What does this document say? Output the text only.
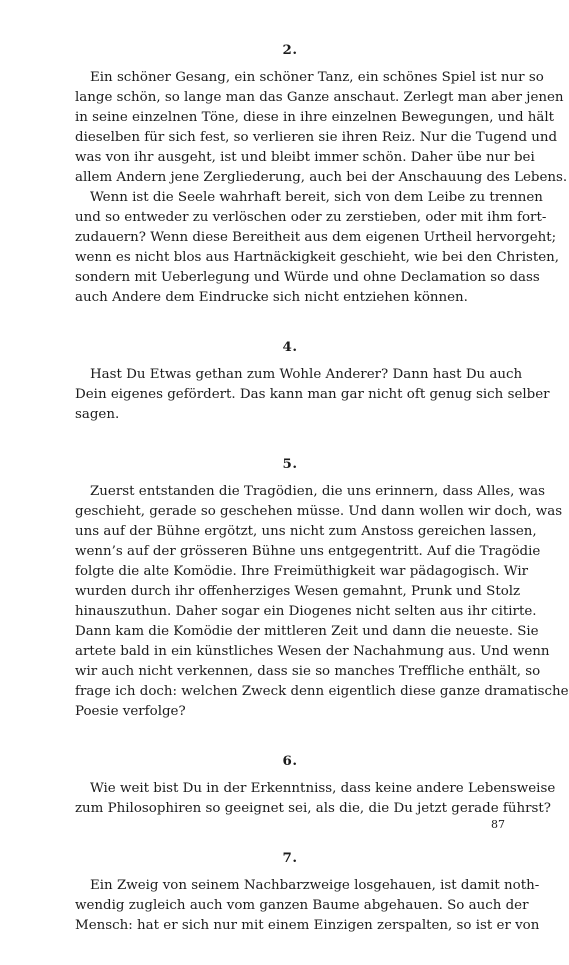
2.
Ein schöner Gesang, ein schöner Tanz, ein schönes Spiel ist nur so
lange schön, so lange man das Ganze anschaut. Zerlegt man aber jenen
in seine einzelnen Töne, diese in ihre einzelnen Bewegungen, und hält
dieselben für sich fest, so verlieren sie ihren Reiz. Nur die Tugend und
was von ihr ausgeht, ist und bleibt immer schön. Daher übe nur bei
allem Andern jene Zergliederung, auch bei der Anschauung des Lebens.
Wenn ist die Seele wahrhaft bereit, sich von dem Leibe zu trennen
und so entweder zu verlöschen oder zu zerstieben, oder mit ihm fort-
zudauern? Wenn diese Bereitheit aus dem eigenen Urtheil hervorgeht;
wenn es nicht blos aus Hartnäckigkeit geschieht, wie bei den Christen,
sondern mit Ueberlegung und Würde und ohne Declamation so dass
auch Andere dem Eindrucke sich nicht entziehen können.
4.
Hast Du Etwas gethan zum Wohle Anderer? Dann hast Du auch
Dein eigenes gefördert. Das kann man gar nicht oft genug sich selber
sagen.
5.
Zuerst entstanden die Tragödien, die uns erinnern, dass Alles, was
geschieht, gerade so geschehen müsse. Und dann wollen wir doch, was
uns auf der Bühne ergötzt, uns nicht zum Anstoss gereichen lassen,
wenn’s auf der grösseren Bühne uns entgegentritt. Auf die Tragödie
folgte die alte Komödie. Ihre Freimüthigkeit war pädagogisch. Wir
wurden durch ihr offenherziges Wesen gemahnt, Prunk und Stolz
hinauszuthun. Daher sogar ein Diogenes nicht selten aus ihr citirte.
Dann kam die Komödie der mittleren Zeit und dann die neueste. Sie
artete bald in ein künstliches Wesen der Nachahmung aus. Und wenn
wir auch nicht verkennen, dass sie so manches Treffliche enthält, so
frage ich doch: welchen Zweck denn eigentlich diese ganze dramatische
Poesie verfolge?
6.
Wie weit bist Du in der Erkenntniss, dass keine andere Lebensweise
zum Philosophiren so geeignet sei, als die, die Du jetzt gerade führst?
7.
Ein Zweig von seinem Nachbarzweige losgehauen, ist damit noth-
wendig zugleich auch vom ganzen Baume abgehauen. So auch der
Mensch: hat er sich nur mit einem Einzigen zerspalten, so ist er von
87
